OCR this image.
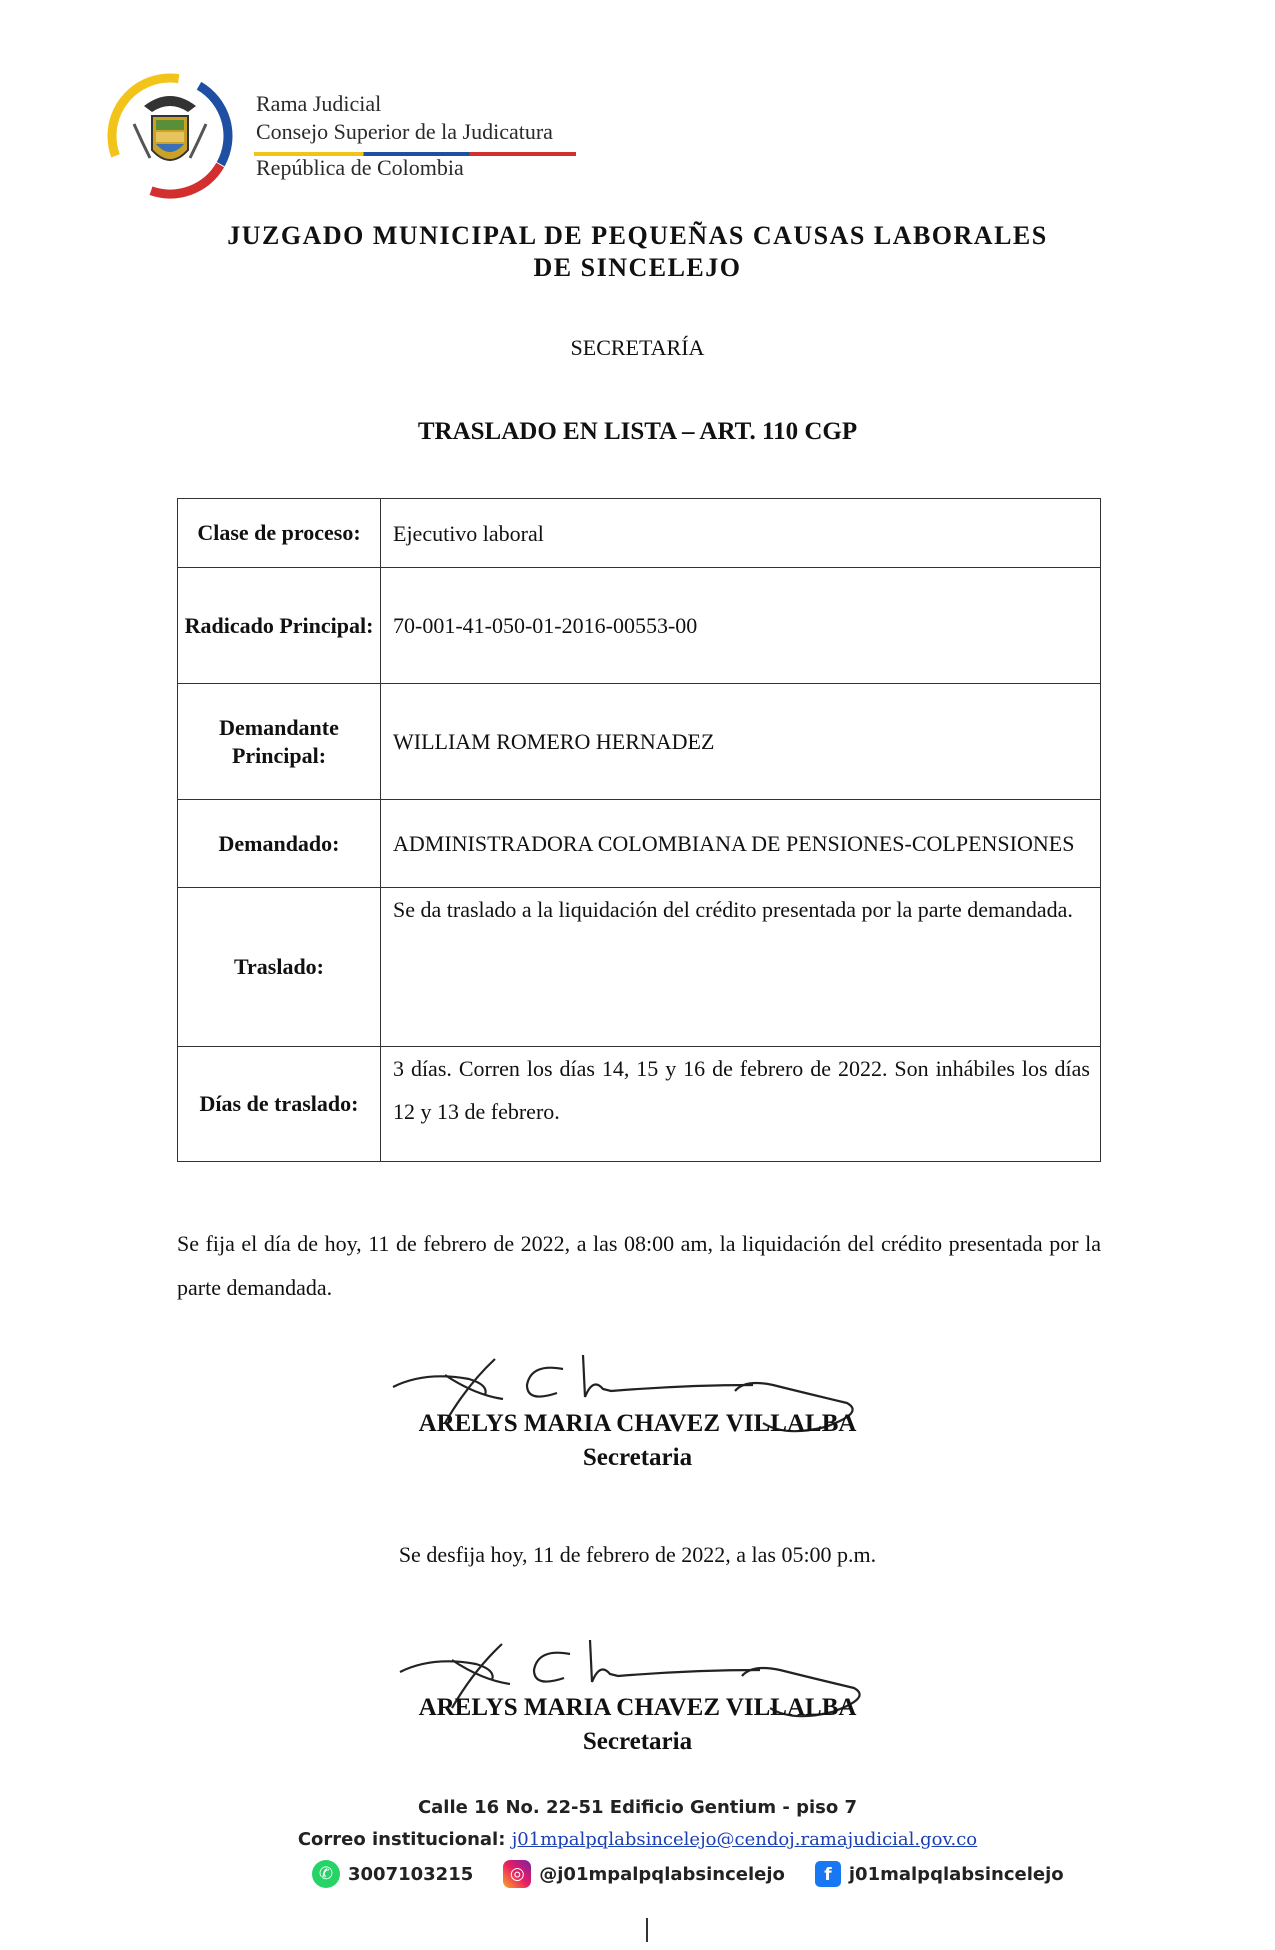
Rama Judicial
Consejo Superior de la Judicatura
República de Colombia
JUZGADO MUNICIPAL DE PEQUEÑAS CAUSAS LABORALES
DE SINCELEJO
SECRETARÍA
TRASLADO EN LISTA – ART. 110 CGP
Clase de proceso:	Ejecutivo laboral
Radicado Principal:	70-001-41-050-01-2016-00553-00
Demandante Principal:	WILLIAM ROMERO HERNADEZ
Demandado:	ADMINISTRADORA COLOMBIANA DE PENSIONES-COLPENSIONES
Traslado:	Se da traslado a la liquidación del crédito presentada por la parte demandada.
Días de traslado:	3 días. Corren los días 14, 15 y 16 de febrero de 2022. Son inhábiles los días 12 y 13 de febrero.
Se fija el día de hoy, 11 de febrero de 2022, a las 08:00 am, la liquidación del crédito presentada por la parte demandada.
ARELYS MARIA CHAVEZ VILLALBA
Secretaria
Se desfija hoy, 11 de febrero de 2022, a las 05:00 p.m.
ARELYS MARIA CHAVEZ VILLALBA
Secretaria
Calle 16 No. 22-51 Edificio Gentium - piso 7
Correo institucional: j01mpalpqlabsincelejo@cendoj.ramajudicial.gov.co
✆ 3007103215	◎ @j01mpalpqlabsincelejo	f j01malpqlabsincelejo
